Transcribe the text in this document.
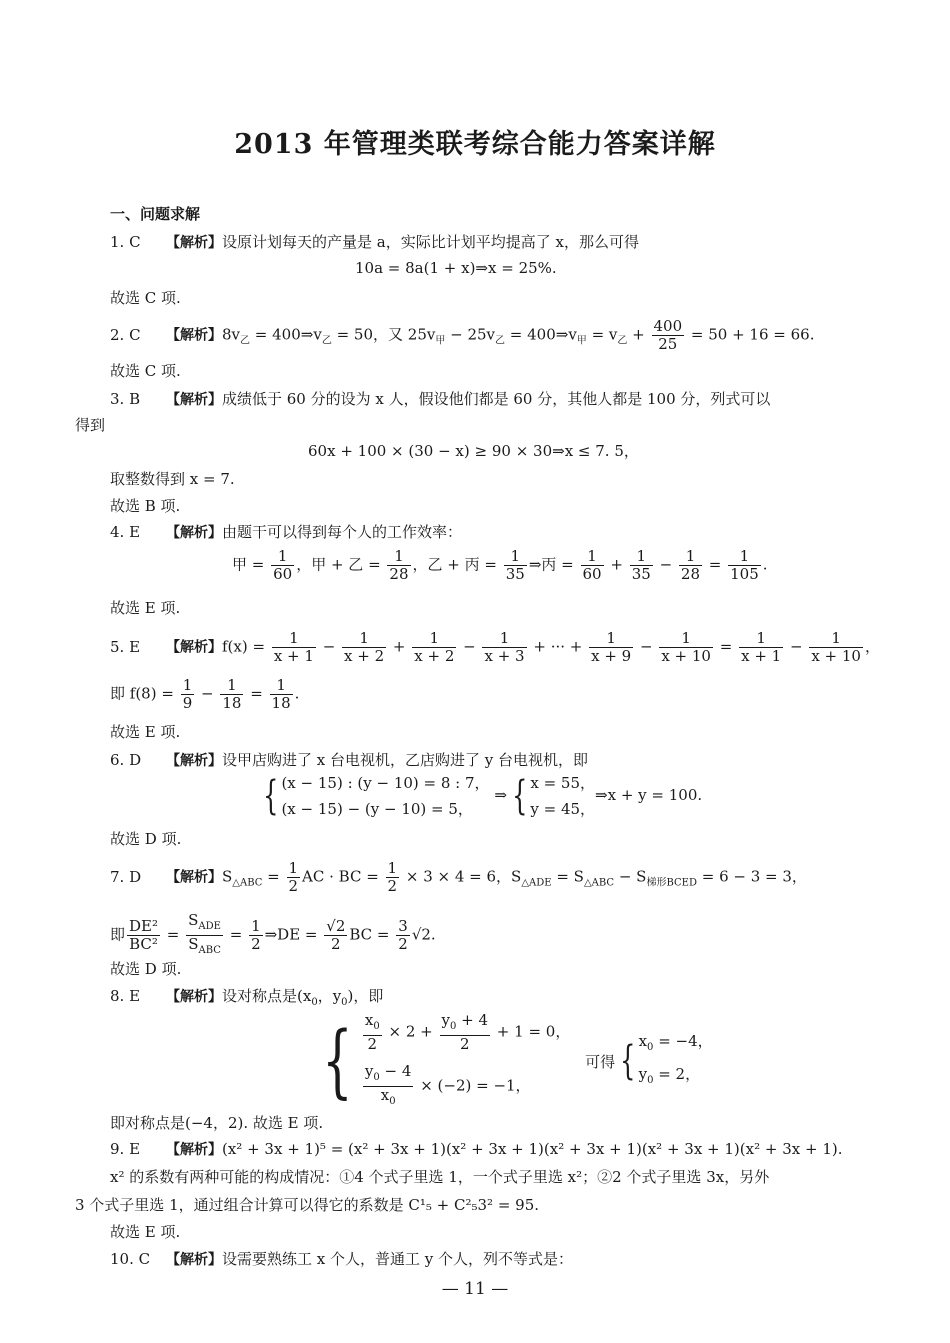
2013 年管理类联考综合能力答案详解
一、问题求解
1. C 【解析】设原计划每天的产量是 a，实际比计划平均提高了 x，那么可得
10a = 8a(1 + x)⇒x = 25%.
故选 C 项.
2. C 【解析】$8v_乙$ = $400\Rightarrow v_乙 = 50$，又 $25v_甲 - 25v_乙$ = $400\Rightarrow v_甲 = v_乙 + \frac{400}{25} = 50 + 16 = 66$.
故选 C 项.
3. B 【解析】成绩低于 60 分的设为 x 人，假设他们都是 60 分，其他人都是 100 分，列式可以
得到
60x + 100 × (30 − x) ≥ 90 × 30⇒x ≤ 7. 5，
取整数得到 x = 7.
故选 B 项.
4. E 【解析】由题干可以得到每个人的工作效率：
甲 = $\frac{1}{60}$ ，甲 + 乙 = $\frac{1}{28}$ ，乙 + 丙 = $\frac{1}{35}$ ⇒丙 = $\frac{1}{60} + \frac{1}{35} - \frac{1}{28} = \frac{1}{105}$ .
故选 E 项.
5. E 【解析】$f(x) = \frac{1}{x + 1} - \frac{1}{x + 2} + \frac{1}{x + 2} - \frac{1}{x + 3}$ + ··· + $\frac{1}{x + 9} - \frac{1}{x + 10} = \frac{1}{x + 1} - \frac{1}{x + 10}$ ，
即 $f(8) = \frac{1}{9} - \frac{1}{18} = \frac{1}{18}$ .
故选 E 项.
6. D 【解析】设甲店购进了 x 台电视机，乙店购进了 y 台电视机，即
{ (x − 15) : (y − 10) = 8 : 7，
(x − 15) − (y − 10) = 5，
⇒ { x = 55，
y = 45，
⇒x + y = 100.
故选 D 项.
7. D 【解析】$S_{\triangle ABC} = \frac{1}{2}$ AC · BC = $\frac{1}{2} \times 3 \times 4 = 6$，$S_{\triangle ADE} = S_{\triangle ABC} - S_{梯形BCED} = 6 - 3 = 3$，
即 $\frac{\text{DE²}}{\text{BC²}} = \frac{S_{ADE}}{S_{ABC}} = \frac{1}{2}$ ⇒DE = $\frac{√2}{2}$ BC = $\frac{3}{2} √2$.
故选 D 项.
8. E 【解析】设对称点是($x_0$，$y_0$)，即
{ $\frac{x_0}{2} \times 2 + \frac{y_0 + 4}{2} + 1 = 0$，
$\frac{y_0 - 4}{x_0} \times (-2) = -1$，
可得 { $x_0 = -4$，
$y_0 = 2$，
即对称点是(−4，2). 故选 E 项.
9. E 【解析】(x² + 3x + 1)⁵ = (x² + 3x + 1)(x² + 3x + 1)(x² + 3x + 1)(x² + 3x + 1)(x² + 3x + 1).
x² 的系数有两种可能的构成情况：①4 个式子里选 1，一个式子里选 x²；②2 个式子里选 3x，另外
3 个式子里选 1，通过组合计算可以得它的系数是 C¹₅ + C²₅3² = 95.
故选 E 项.
10. C 【解析】设需要熟练工 x 个人，普通工 y 个人，列不等式是：
— 11 —
